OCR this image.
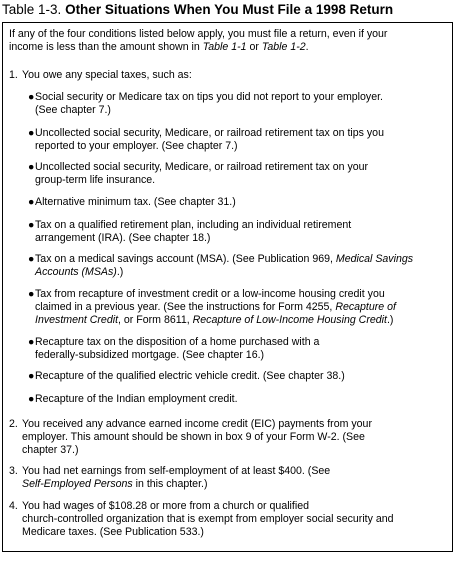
Table 1-3. Other Situations When You Must File a 1998 Return
If any of the four conditions listed below apply, you must file a return, even if your
income is less than the amount shown in Table 1-1 or Table 1-2.
1. You owe any special taxes, such as:
● Social security or Medicare tax on tips you did not report to your employer.
(See chapter 7.)
● Uncollected social security, Medicare, or railroad retirement tax on tips you
reported to your employer. (See chapter 7.)
● Uncollected social security, Medicare, or railroad retirement tax on your
group-term life insurance.
● Alternative minimum tax. (See chapter 31.)
● Tax on a qualified retirement plan, including an individual retirement
arrangement (IRA). (See chapter 18.)
● Tax on a medical savings account (MSA). (See Publication 969, Medical Savings
Accounts (MSAs).)
● Tax from recapture of investment credit or a low-income housing credit you
claimed in a previous year. (See the instructions for Form 4255, Recapture of
Investment Credit, or Form 8611, Recapture of Low-Income Housing Credit.)
● Recapture tax on the disposition of a home purchased with a
federally-subsidized mortgage. (See chapter 16.)
● Recapture of the qualified electric vehicle credit. (See chapter 38.)
● Recapture of the Indian employment credit.
2. You received any advance earned income credit (EIC) payments from your
employer. This amount should be shown in box 9 of your Form W-2. (See
chapter 37.)
3. You had net earnings from self-employment of at least $400. (See
Self-Employed Persons in this chapter.)
4. You had wages of $108.28 or more from a church or qualified
church-controlled organization that is exempt from employer social security and
Medicare taxes. (See Publication 533.)
